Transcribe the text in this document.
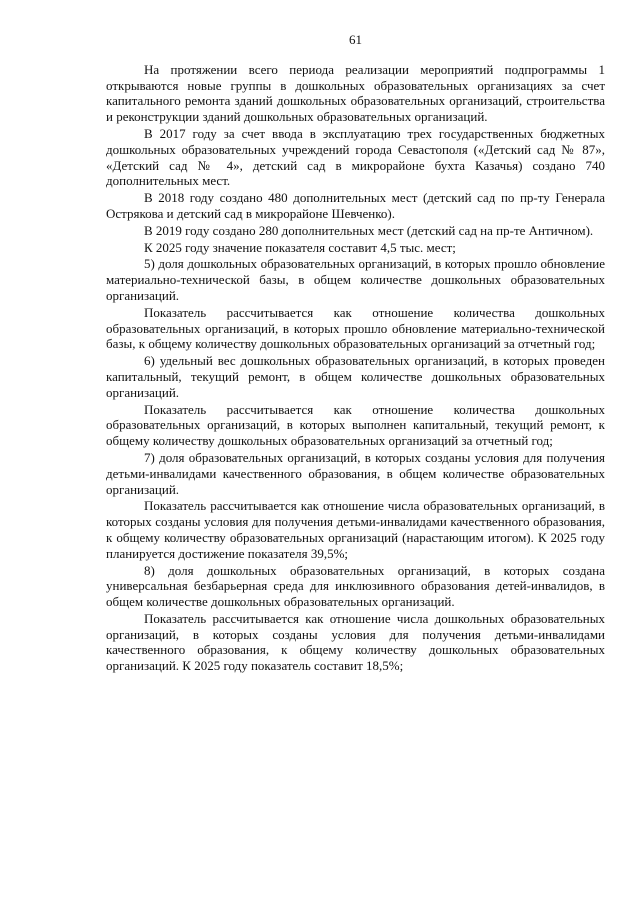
61

На протяжении всего периода реализации мероприятий подпрограммы 1 открываются новые группы в дошкольных образовательных организациях за счет капитального ремонта зданий дошкольных образовательных организаций, строительства и реконструкции зданий дошкольных образовательных организаций.

В 2017 году за счет ввода в эксплуатацию трех государственных бюджетных дошкольных образовательных учреждений города Севастополя («Детский сад № 87», «Детский сад № 4», детский сад в микрорайоне бухта Казачья) создано 740 дополнительных мест.

В 2018 году создано 480 дополнительных мест (детский сад по пр-ту Генерала Острякова и детский сад в микрорайоне Шевченко).

В 2019 году создано 280 дополнительных мест (детский сад на пр-те Античном).

К 2025 году значение показателя составит 4,5 тыс. мест;

5) доля дошкольных образовательных организаций, в которых прошло обновление материально-технической базы, в общем количестве дошкольных образовательных организаций.

Показатель рассчитывается как отношение количества дошкольных образовательных организаций, в которых прошло обновление материально-технической базы, к общему количеству дошкольных образовательных организаций за отчетный год;

6) удельный вес дошкольных образовательных организаций, в которых проведен капитальный, текущий ремонт, в общем количестве дошкольных образовательных организаций.

Показатель рассчитывается как отношение количества дошкольных образовательных организаций, в которых выполнен капитальный, текущий ремонт, к общему количеству дошкольных образовательных организаций за отчетный год;

7) доля образовательных организаций, в которых созданы условия для получения детьми-инвалидами качественного образования, в общем количестве образовательных организаций.

Показатель рассчитывается как отношение числа образовательных организаций, в которых созданы условия для получения детьми-инвалидами качественного образования, к общему количеству образовательных организаций (нарастающим итогом). К 2025 году планируется достижение показателя 39,5%;

8) доля дошкольных образовательных организаций, в которых создана универсальная безбарьерная среда для инклюзивного образования детей-инвалидов, в общем количестве дошкольных образовательных организаций.

Показатель рассчитывается как отношение числа дошкольных образовательных организаций, в которых созданы условия для получения детьми-инвалидами качественного образования, к общему количеству дошкольных образовательных организаций. К 2025 году показатель составит 18,5%;
